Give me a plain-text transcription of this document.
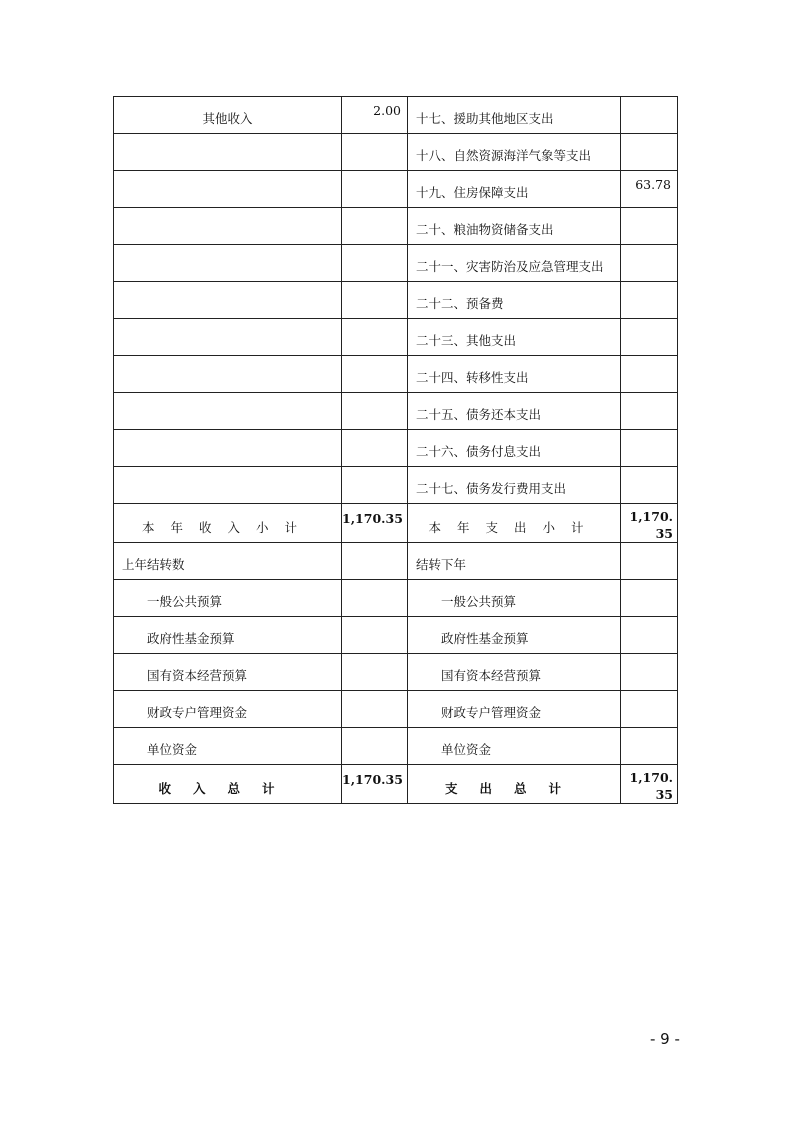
其他收入	2.00	十七、援助其他地区支出	
		十八、自然资源海洋气象等支出	
		十九、住房保障支出	63.78
		二十、粮油物资储备支出	
		二十一、灾害防治及应急管理支出	
		二十二、预备费	
		二十三、其他支出	
		二十四、转移性支出	
		二十五、债务还本支出	
		二十六、债务付息支出	
		二十七、债务发行费用支出	
本年收入小计	1,170.35	本年支出小计	1,170.35
上年结转数		结转下年	
一般公共预算		一般公共预算	
政府性基金预算		政府性基金预算	
国有资本经营预算		国有资本经营预算	
财政专户管理资金		财政专户管理资金	
单位资金		单位资金	
收入总计	1,170.35	支出总计	1,170.35
- 9 -
